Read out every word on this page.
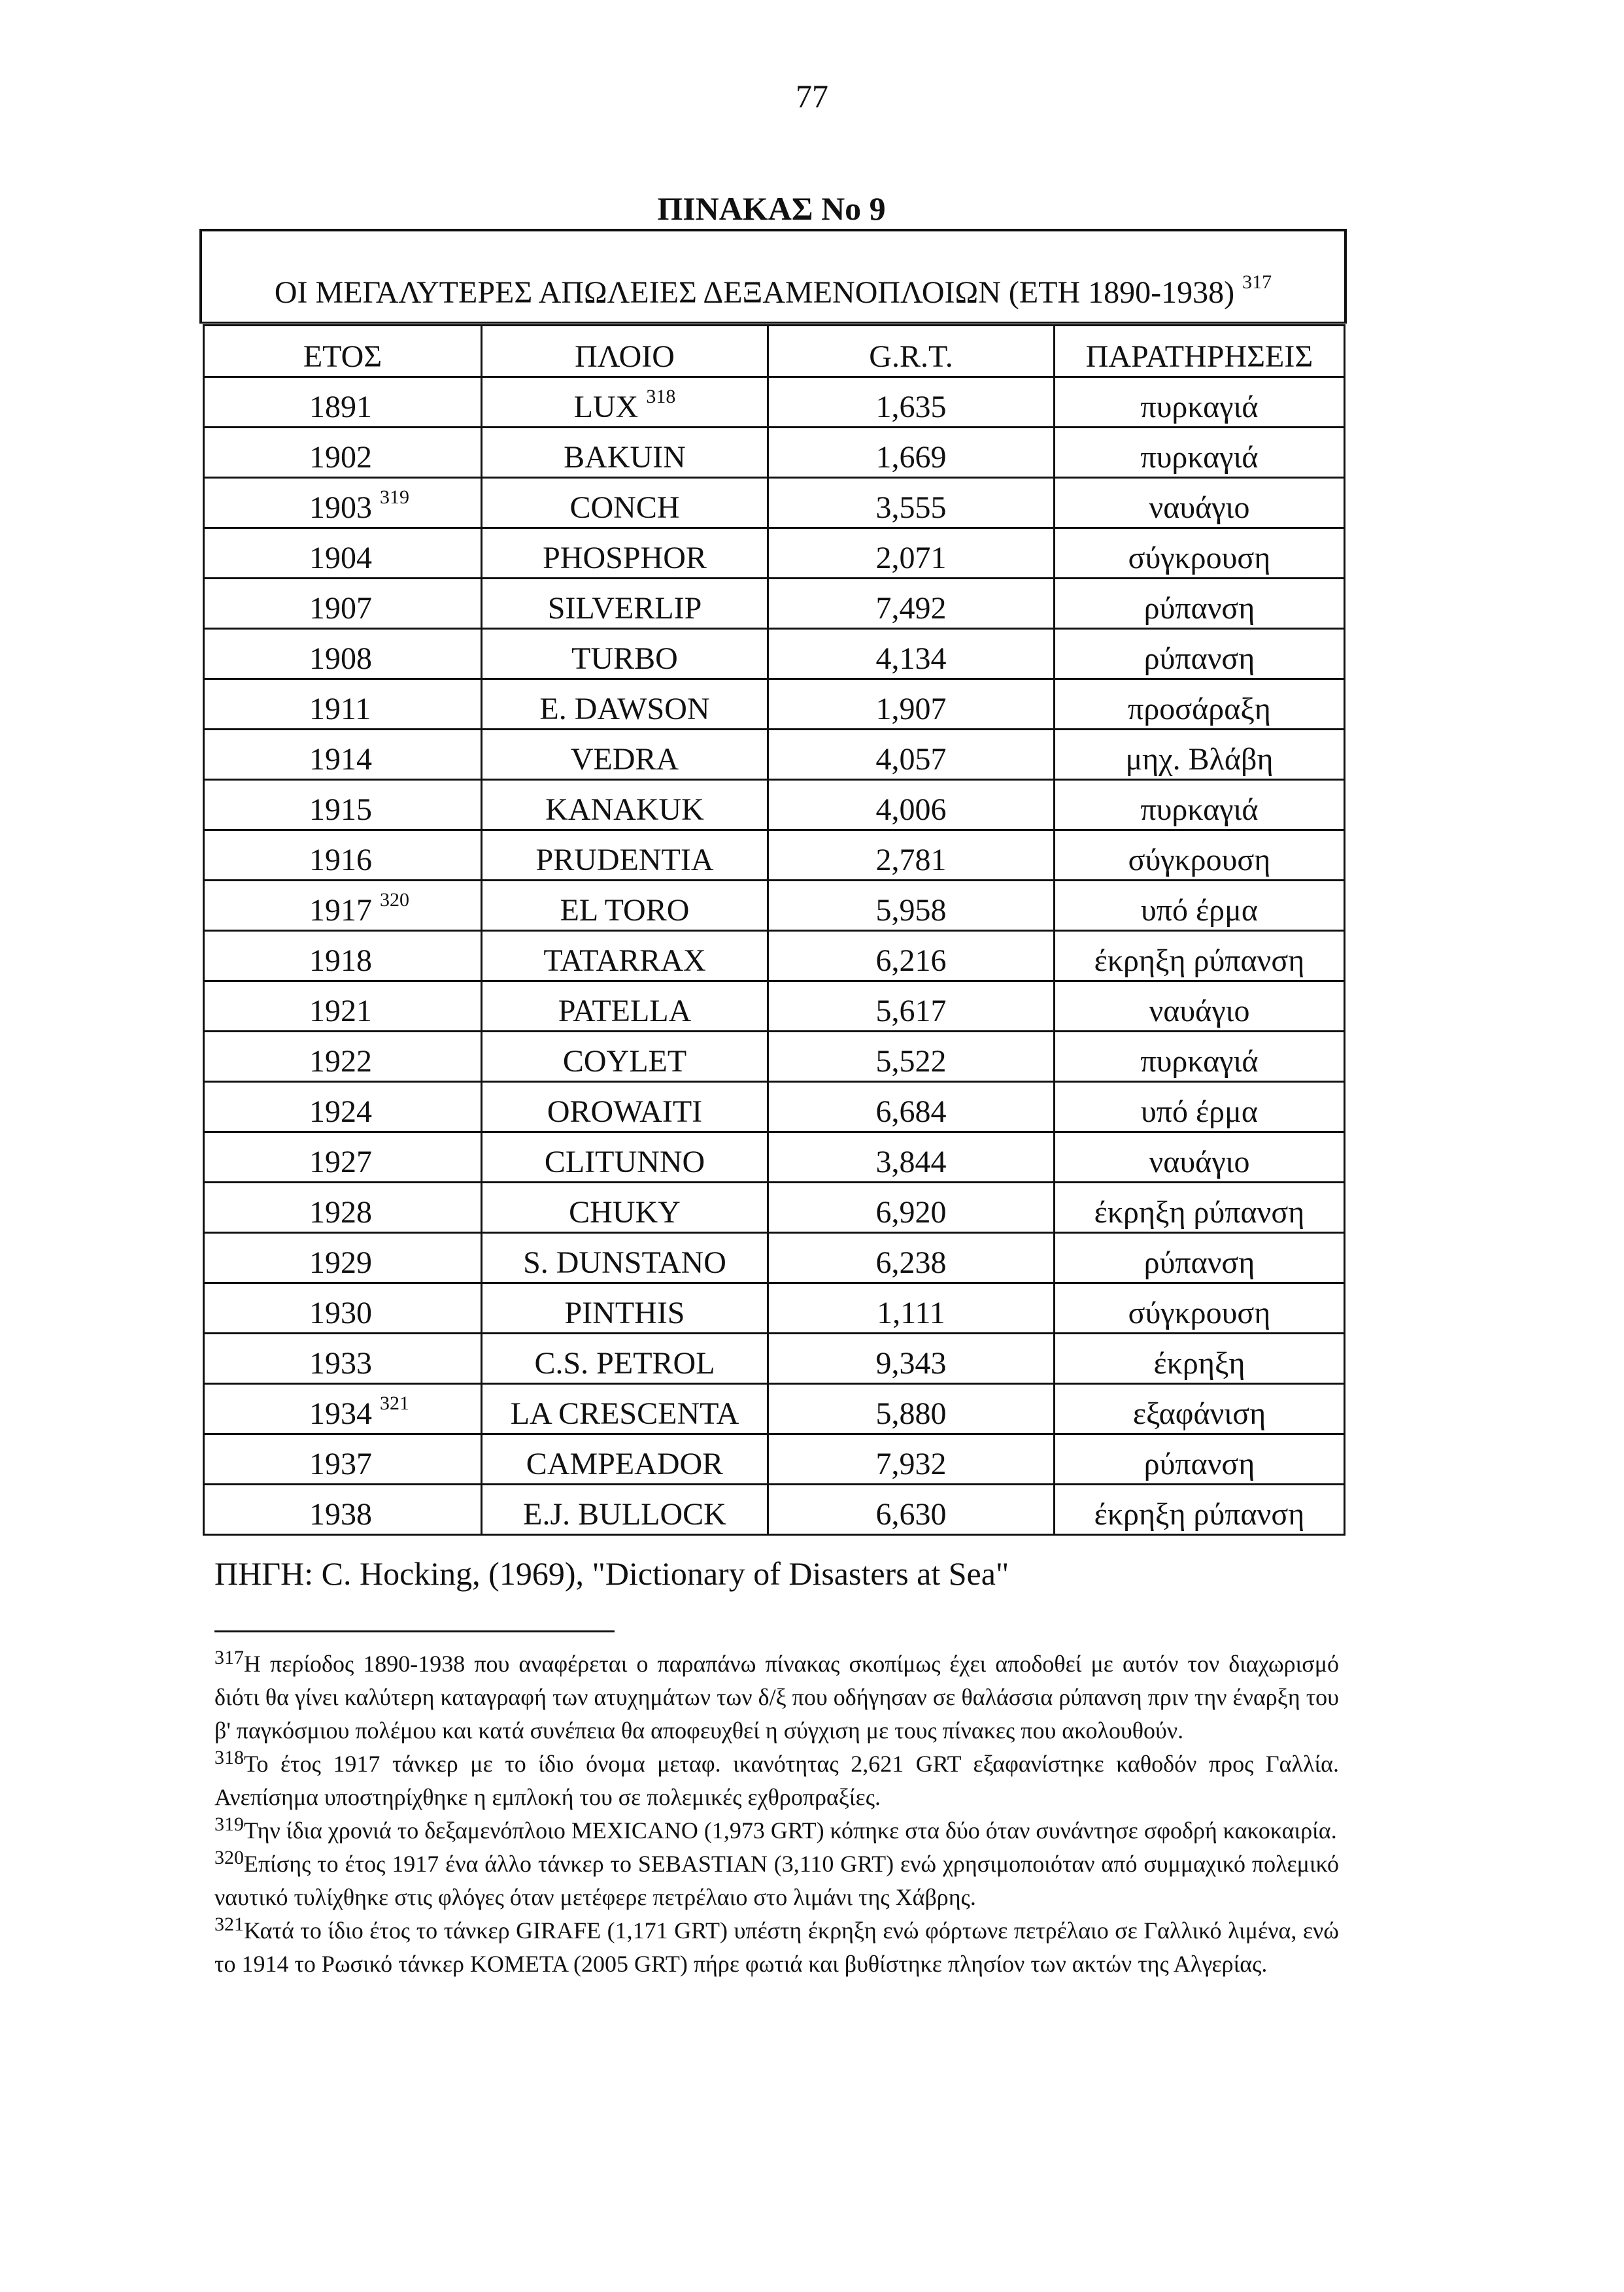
77
ΠΙΝΑΚΑΣ No 9
ΟΙ ΜΕΓΑΛΥΤΕΡΕΣ ΑΠΩΛΕΙΕΣ ΔΕΞΑΜΕΝΟΠΛΟΙΩΝ (ΕΤΗ 1890-1938) $^{317}$
ΕΤΟΣ	ΠΛΟΙΟ	G.R.T.	ΠΑΡΑΤΗΡΗΣΕΙΣ
1891	LUX $^{318}$	1,635	πυρκαγιά
1902	BAKUIN	1,669	πυρκαγιά
1903 $^{319}$	CONCH	3,555	ναυάγιο
1904	PHOSPHOR	2,071	σύγκρουση
1907	SILVERLIP	7,492	ρύπανση
1908	TURBO	4,134	ρύπανση
1911	E. DAWSON	1,907	προσάραξη
1914	VEDRA	4,057	μηχ. Βλάβη
1915	KANAKUK	4,006	πυρκαγιά
1916	PRUDENTIA	2,781	σύγκρουση
1917 $^{320}$	EL TORO	5,958	υπό έρμα
1918	TATARRAX	6,216	έκρηξη ρύπανση
1921	PATELLA	5,617	ναυάγιο
1922	COYLET	5,522	πυρκαγιά
1924	OROWAITI	6,684	υπό έρμα
1927	CLITUNNO	3,844	ναυάγιο
1928	CHUKY	6,920	έκρηξη ρύπανση
1929	S. DUNSTANO	6,238	ρύπανση
1930	PINTHIS	1,111	σύγκρουση
1933	C.S. PETROL	9,343	έκρηξη
1934 $^{321}$	LA CRESCENTA	5,880	εξαφάνιση
1937	CAMPEADOR	7,932	ρύπανση
1938	E.J. BULLOCK	6,630	έκρηξη ρύπανση
ΠΗΓΗ: C. Hocking, (1969), "Dictionary of Disasters at Sea"

$^{317}$Η περίοδος 1890-1938 που αναφέρεται ο παραπάνω πίνακας σκοπίμως έχει αποδοθεί με αυτόν τον διαχωρισμό διότι θα γίνει καλύτερη καταγραφή των ατυχημάτων των δ/ξ που οδήγησαν σε θαλάσσια ρύπανση πριν την έναρξη του β' παγκόσμιου πολέμου και κατά συνέπεια θα αποφευχθεί η σύγχιση με τους πίνακες που ακολουθούν.

$^{318}$Το έτος 1917 τάνκερ με το ίδιο όνομα μεταφ. ικανότητας 2,621 GRT εξαφανίστηκε καθοδόν προς Γαλλία. Ανεπίσημα υποστηρίχθηκε η εμπλοκή του σε πολεμικές εχθροπραξίες.

$^{319}$Την ίδια χρονιά το δεξαμενόπλοιο MEXICANO (1,973 GRT) κόπηκε στα δύο όταν συνάντησε σφοδρή κακοκαιρία.

$^{320}$Επίσης το έτος 1917 ένα άλλο τάνκερ το SEBASTIAN (3,110 GRT) ενώ χρησιμοποιόταν από συμμαχικό πολεμικό ναυτικό τυλίχθηκε στις φλόγες όταν μετέφερε πετρέλαιο στο λιμάνι της Χάβρης.

$^{321}$Κατά το ίδιο έτος το τάνκερ GIRAFE (1,171 GRT) υπέστη έκρηξη ενώ φόρτωνε πετρέλαιο σε Γαλλικό λιμένα, ενώ το 1914 το Ρωσικό τάνκερ KOMETA (2005 GRT) πήρε φωτιά και βυθίστηκε πλησίον των ακτών της Αλγερίας.
